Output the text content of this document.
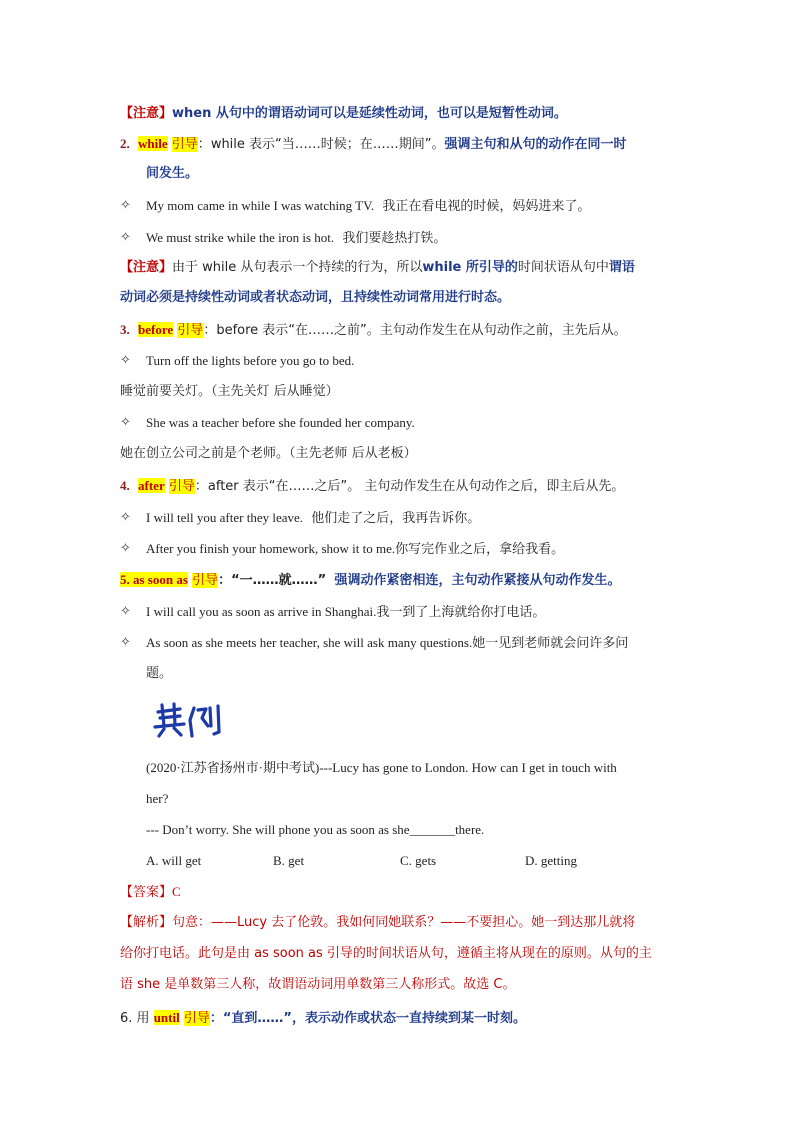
【注意】when 从句中的谓语动词可以是延续性动词，也可以是短暂性动词。
2. while 引导：while 表示“当……时候；在……期间”。强调主句和从句的动作在同一时
间发生。
✧ My mom came in while I was watching TV. 我正在看电视的时候，妈妈进来了。
✧ We must strike while the iron is hot. 我们要趁热打铁。
【注意】由于 while 从句表示一个持续的行为，所以while 所引导的时间状语从句中谓语
动词必须是持续性动词或者状态动词，且持续性动词常用进行时态。
3. before 引导：before 表示“在……之前”。主句动作发生在从句动作之前，主先后从。
✧ Turn off the lights before you go to bed.
睡觉前要关灯。（主先关灯 后从睡觉）
✧ She was a teacher before she founded her company.
她在创立公司之前是个老师。（主先老师 后从老板）
4. after 引导：after 表示“在……之后”。 主句动作发生在从句动作之后，即主后从先。
✧ I will tell you after they leave. 他们走了之后，我再告诉你。
✧ After you finish your homework, show it to me.你写完作业之后，拿给我看。
5. as soon as 引导：“一……就……” 强调动作紧密相连，主句动作紧接从句动作发生。
✧ I will call you as soon as arrive in Shanghai.我一到了上海就给你打电话。
✧ As soon as she meets her teacher, she will ask many questions.她一见到老师就会问许多问
题。
(2020·江苏省扬州市·期中考试)---Lucy has gone to London. How can I get in touch with
her?
--- Don’t worry. She will phone you as soon as she_______there.
A. will get	B. get	C. gets	D. getting
【答案】C
【解析】句意：——Lucy 去了伦敦。我如何同她联系？——不要担心。她一到达那儿就将
给你打电话。此句是由 as soon as 引导的时间状语从句，遵循主将从现在的原则。从句的主
语 she 是单数第三人称，故谓语动词用单数第三人称形式。故选 C。
6. 用 until 引导：“直到……”，表示动作或状态一直持续到某一时刻。
